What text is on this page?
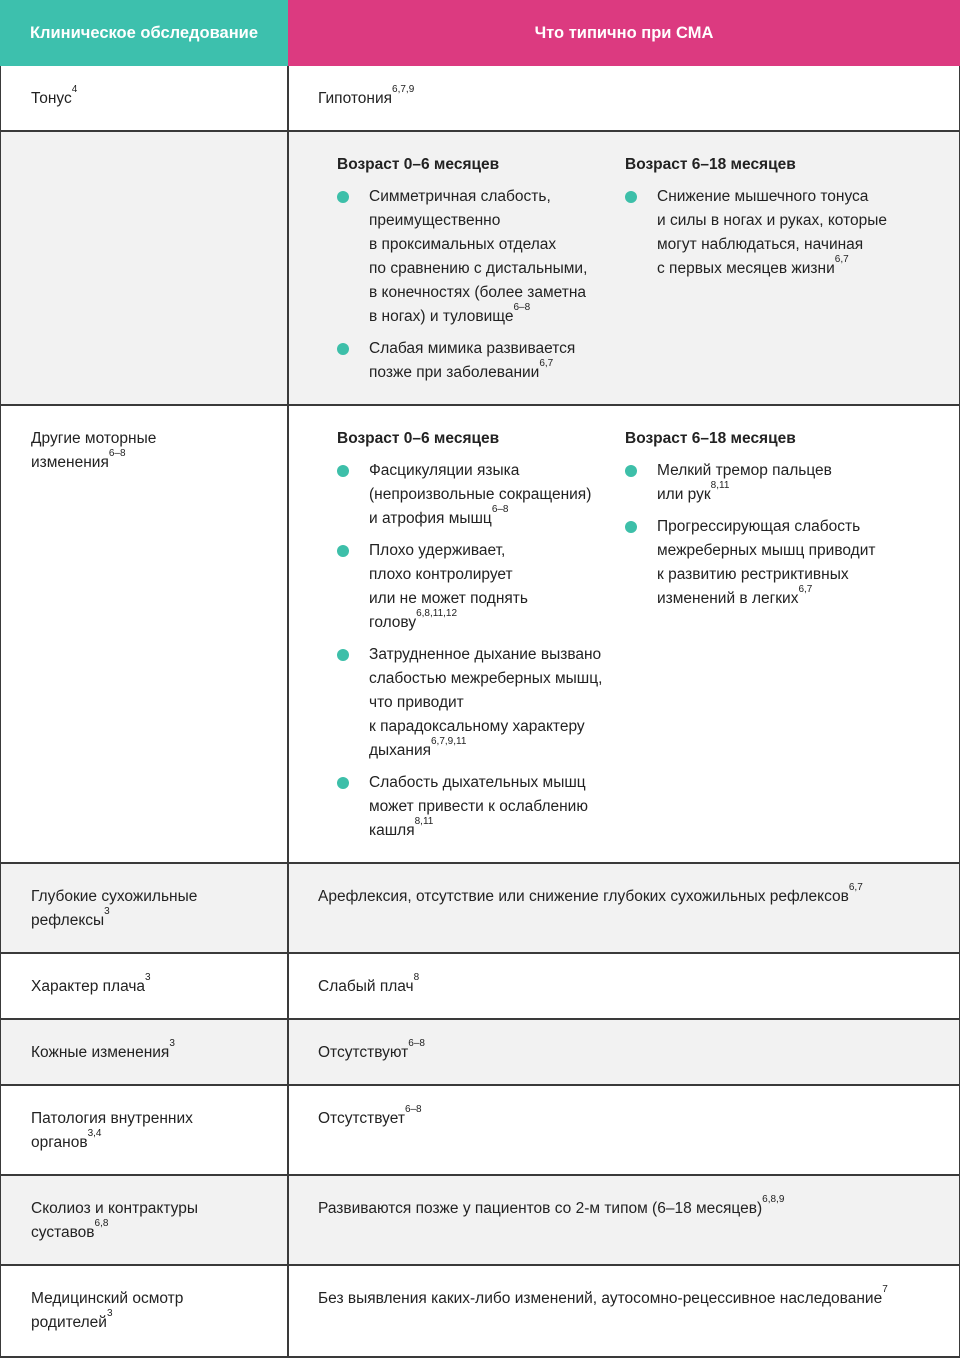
Клиническое обследование	Что типично при СМА
Тонус$^4$
Гипотония$^{6,7,9}$
Возраст 0–6 месяцев
Симметричная слабость,
преимущественно
в проксимальных отделах
по сравнению с дистальными,
в конечностях (более заметна
в ногах) и туловище$^{6-8}$
Слабая мимика развивается
позже при заболевании$^{6,7}$
Возраст 6–18 месяцев
Снижение мышечного тонуса
и силы в ногах и руках, которые
могут наблюдаться, начиная
с первых месяцев жизни$^{6,7}$
Другие моторные
изменения$^{6-8}$
Возраст 0–6 месяцев
Фасцикуляции языка
(непроизвольные сокращения)
и атрофия мышц$^{6-8}$
Плохо удерживает,
плохо контролирует
или не может поднять
голову$^{6,8,11,12}$
Затрудненное дыхание вызвано
слабостью межреберных мышц,
что приводит
к парадоксальному характеру
дыхания$^{6,7,9,11}$
Слабость дыхательных мышц
может привести к ослаблению
кашля$^{8,11}$
Возраст 6–18 месяцев
Мелкий тремор пальцев
или рук$^{8,11}$
Прогрессирующая слабость
межреберных мышц приводит
к развитию рестриктивных
изменений в легких$^{6,7}$
Глубокие сухожильные
рефлексы$^3$
Арефлексия, отсутствие или снижение глубоких сухожильных рефлексов$^{6,7}$
Характер плача$^3$
Слабый плач$^8$
Кожные изменения$^3$
Отсутствуют$^{6-8}$
Патология внутренних
органов$^{3,4}$
Отсутствует$^{6-8}$
Сколиоз и контрактуры
суставов$^{6,8}$
Развиваются позже у пациентов со 2-м типом (6–18 месяцев)$^{6,8,9}$
Медицинский осмотр
родителей$^3$
Без выявления каких-либо изменений, аутосомно-рецессивное наследование$^7$
